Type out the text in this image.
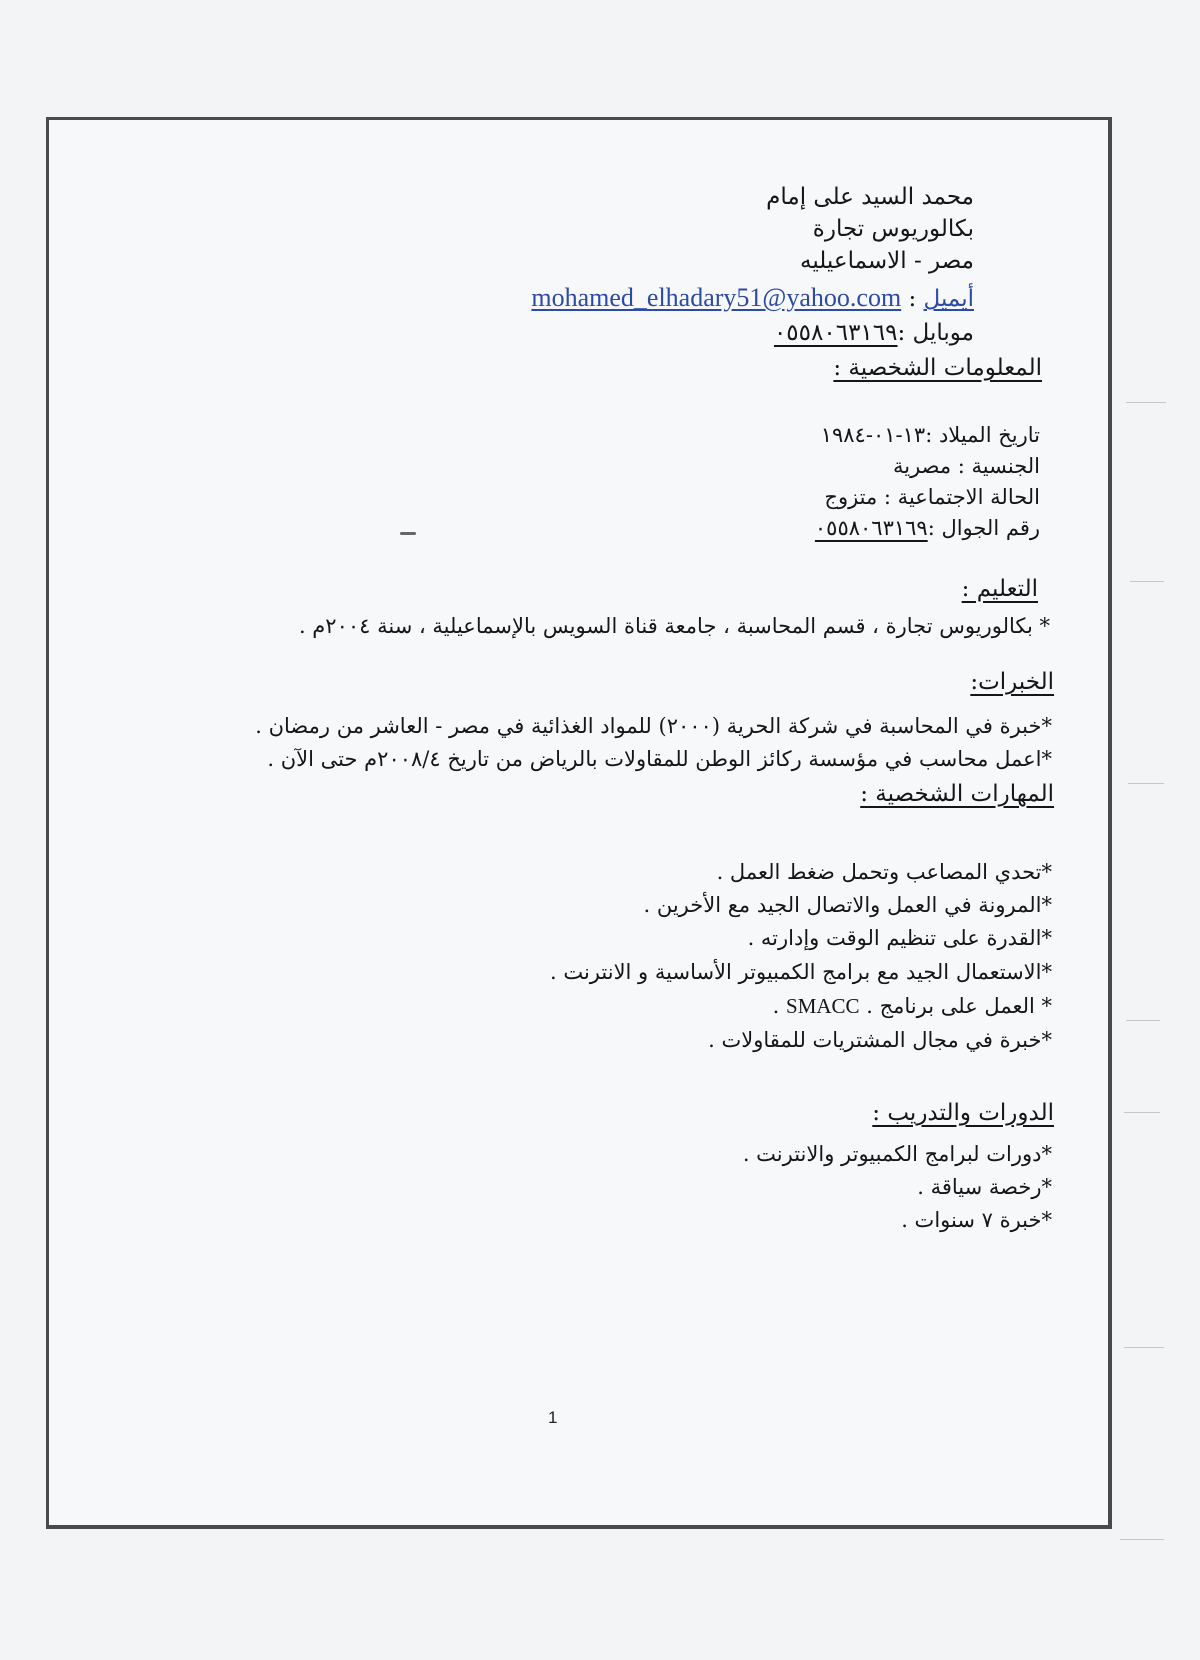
محمد السيد على إمام

بكالوريوس تجارة

مصر - الاسماعيليه

أيميل : mohamed_elhadary51@yahoo.com

موبايل :٠٥٥٨٠٦٣١٦٩

المعلومات الشخصية :

تاريخ الميلاد :١٣-٠١-١٩٨٤

الجنسية : مصرية

الحالة الاجتماعية : متزوج

رقم الجوال :٠٥٥٨٠٦٣١٦٩

التعليم :

* بكالوريوس تجارة ، قسم المحاسبة ، جامعة قناة السويس بالإسماعيلية ، سنة ٢٠٠٤م .

الخبرات:

*خبرة في المحاسبة في شركة الحرية (٢٠٠٠) للمواد الغذائية في مصر - العاشر من رمضان .

*اعمل محاسب في مؤسسة ركائز الوطن للمقاولات بالرياض من تاريخ ٢٠٠٨/٤م حتى الآن .

المهارات الشخصية :

*تحدي المصاعب وتحمل ضغط العمل .

*المرونة في العمل والاتصال الجيد مع الأخرين .

*القدرة على تنظيم الوقت وإدارته .

*الاستعمال الجيد مع برامج الكمبيوتر الأساسية و الانترنت .

* العمل على برنامج . SMACC .

*خبرة في مجال المشتريات للمقاولات .

الدورات والتدريب :

*دورات لبرامج الكمبيوتر والانترنت .

*رخصة سياقة .

*خبرة ٧ سنوات .

1
